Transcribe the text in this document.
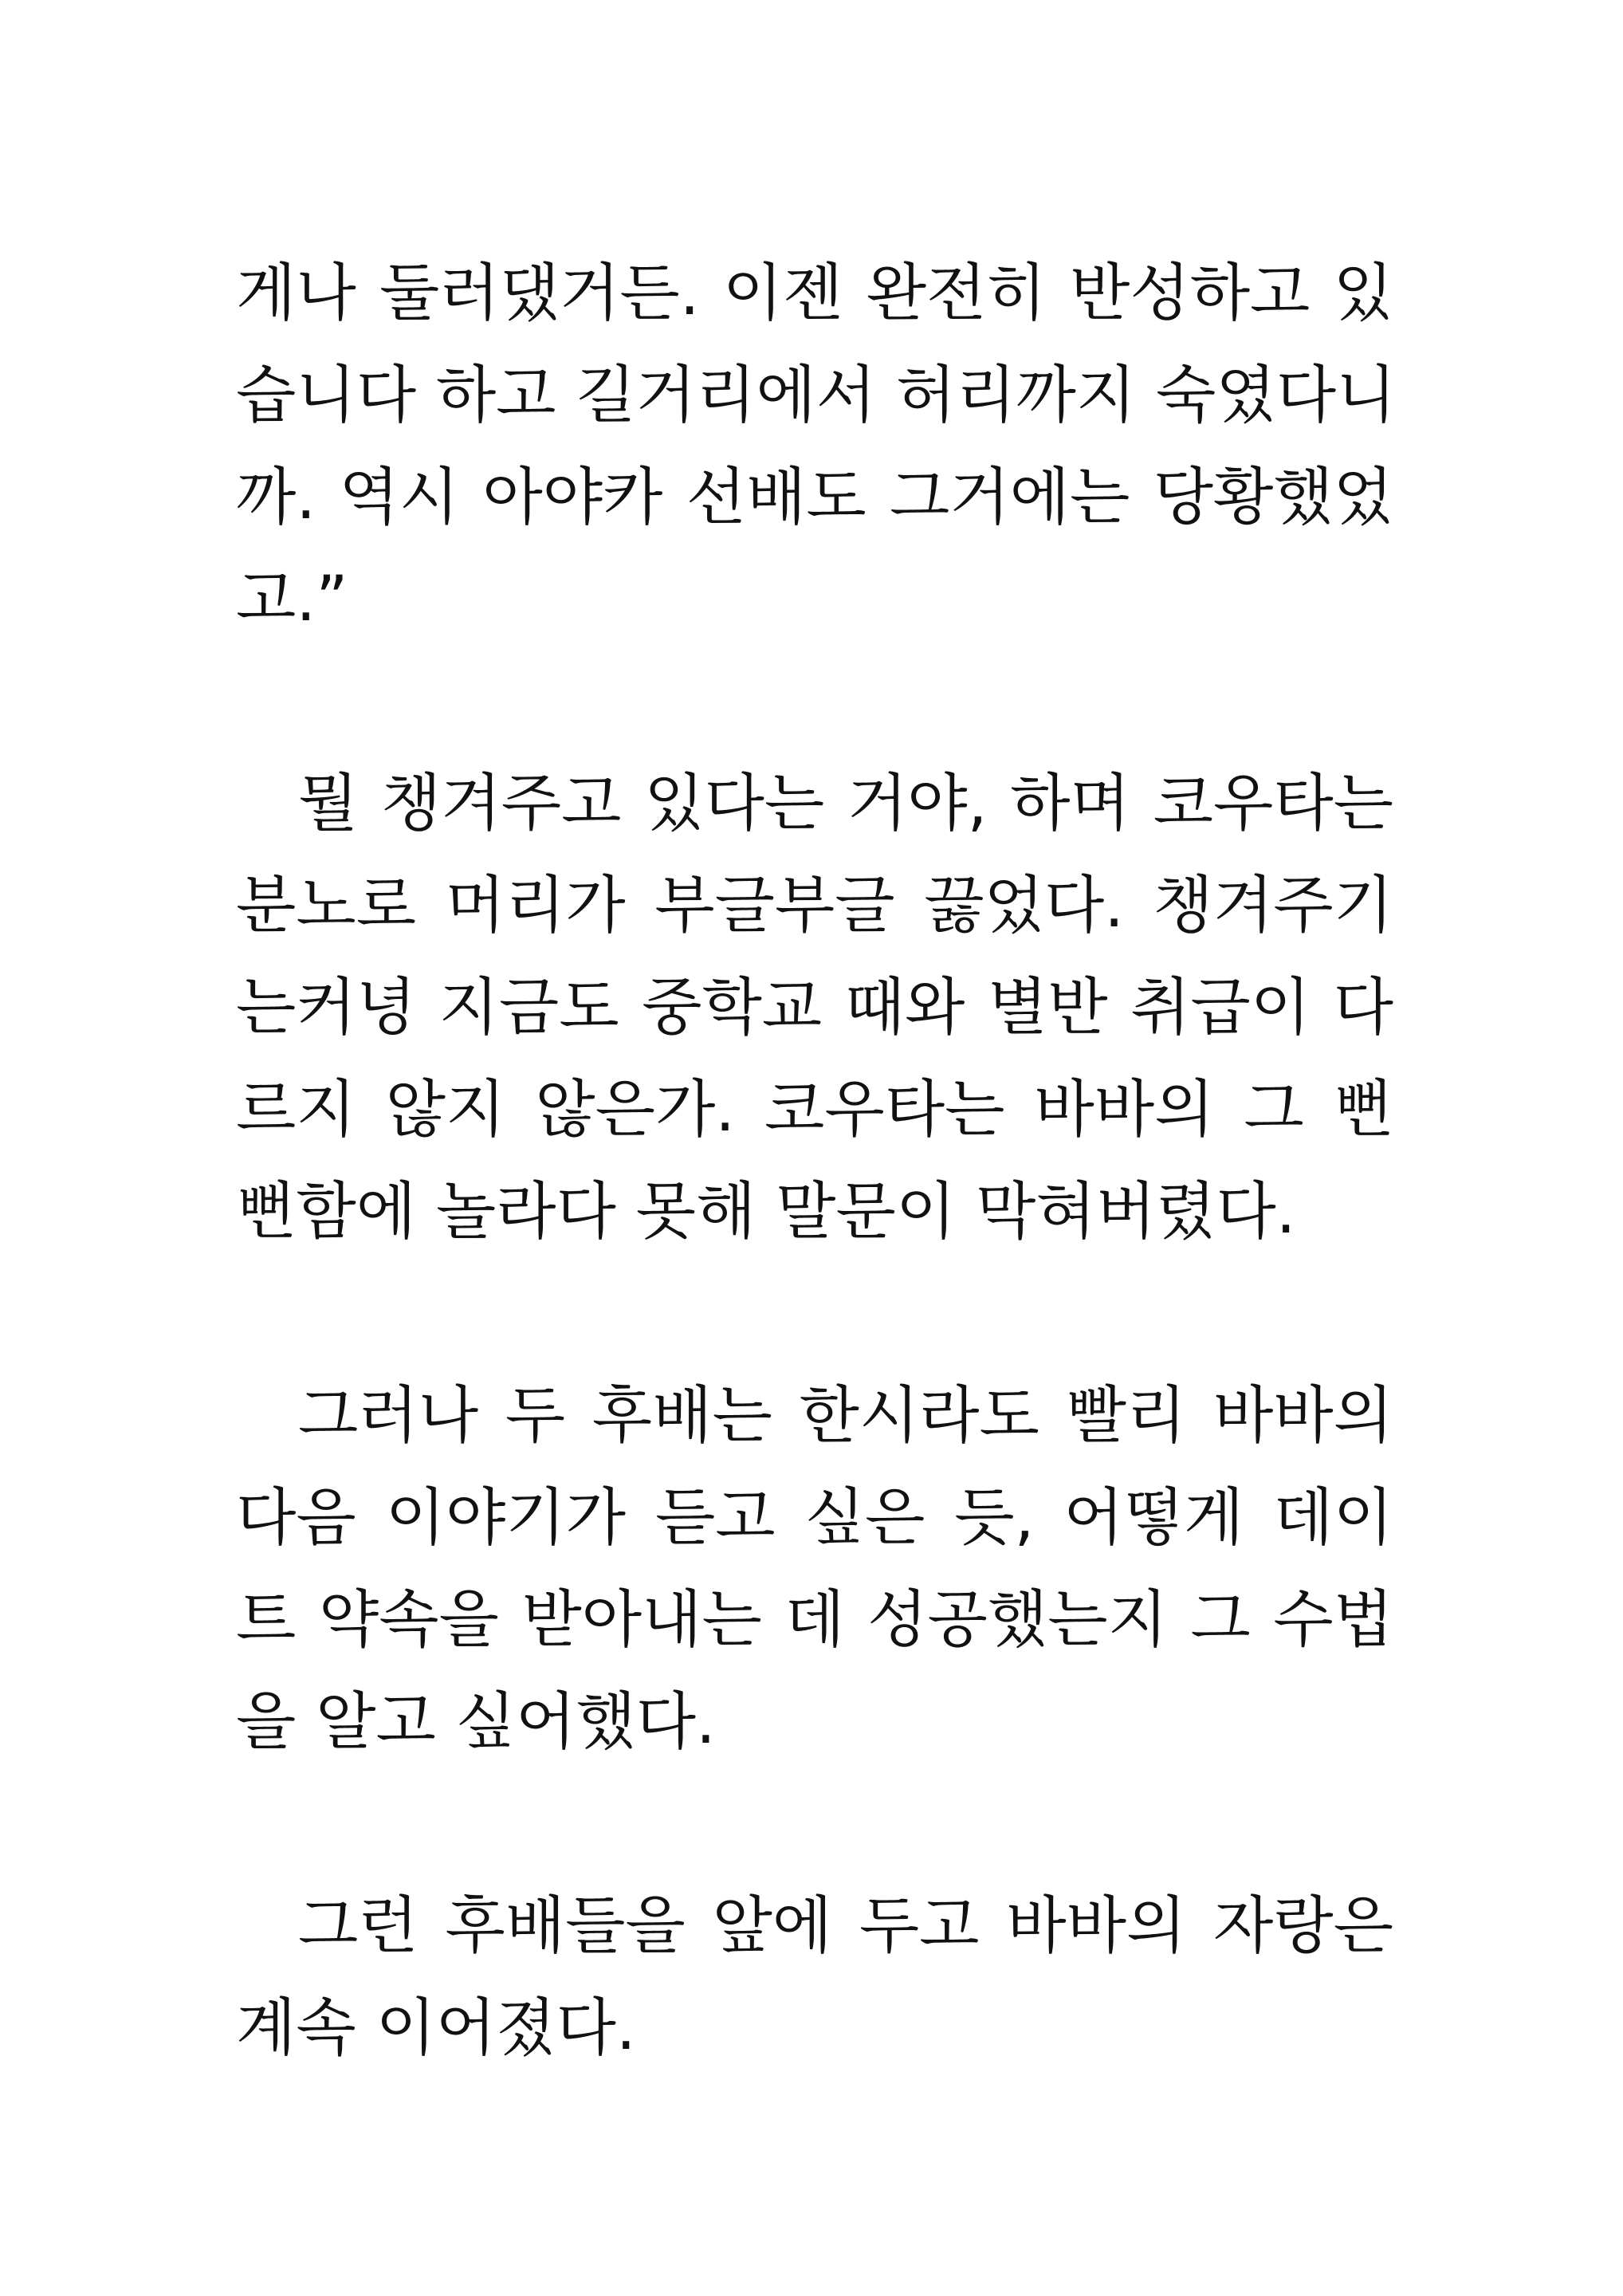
게나 둘러댔거든. 이젠 완전히 반성하고 있
습니다 하고 길거리에서 허리까지 숙였다니
까. 역시 아야카 선배도 그거에는 당황했었
고.”
뭘 챙겨주고 있다는 거야, 하며 코우타는
분노로 머리가 부글부글 끓었다. 챙겨주기
는커녕 지금도 중학교 때와 별반 취급이 다
르지 않지 않은가. 코우타는 바바의 그 뻔
뻔함에 놀라다 못해 말문이 막혀버렸다.
그러나 두 후배는 한시라도 빨리 바바의
다음 이야기가 듣고 싶은 듯, 어떻게 데이
트 약속을 받아내는 데 성공했는지 그 수법
을 알고 싶어했다.
그런 후배들을 앞에 두고 바바의 자랑은
계속 이어졌다.
